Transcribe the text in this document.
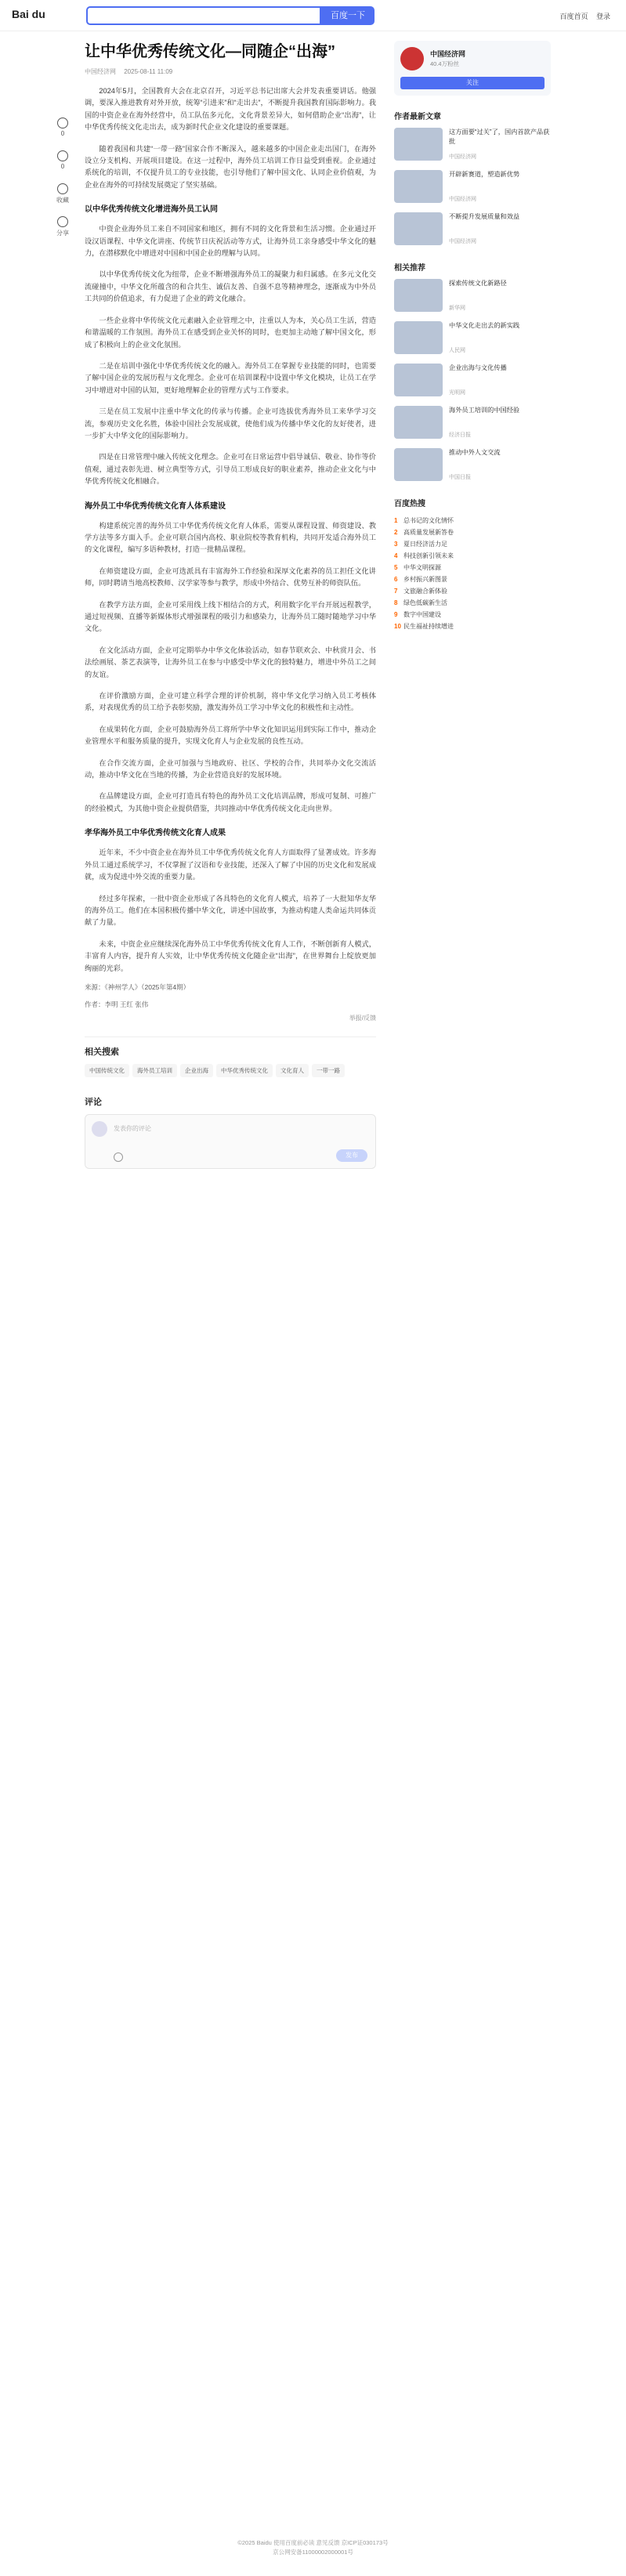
Bai du	百度一下	百度首页 登录
0
0
收藏
分享
让中华优秀传统文化—同随企“出海”
中国经济网 2025-08-11 11:09
2024年5月，全国教育大会在北京召开，习近平总书记出席大会并发表重要讲话。他强调，要深入推进教育对外开放，统筹“引进来”和“走出去”，不断提升我国教育国际影响力。我国的中资企业在海外经营中，员工队伍多元化，文化背景差异大，如何借助企业“出海”，让中华优秀传统文化走出去，成为新时代企业文化建设的重要课题。
随着我国和共建“一带一路”国家合作不断深入，越来越多的中国企业走出国门，在海外设立分支机构、开展项目建设。在这一过程中，海外员工培训工作日益受到重视。企业通过系统化的培训，不仅提升员工的专业技能，也引导他们了解中国文化、认同企业价值观，为企业在海外的可持续发展奠定了坚实基础。
以中华优秀传统文化增进海外员工认同
中资企业海外员工来自不同国家和地区，拥有不同的文化背景和生活习惯。企业通过开设汉语课程、中华文化讲座、传统节日庆祝活动等方式，让海外员工亲身感受中华文化的魅力，在潜移默化中增进对中国和中国企业的理解与认同。
以中华优秀传统文化为纽带，企业不断增强海外员工的凝聚力和归属感。在多元文化交流碰撞中，中华文化所蕴含的和合共生、诚信友善、自强不息等精神理念，逐渐成为中外员工共同的价值追求，有力促进了企业的跨文化融合。
一些企业将中华传统文化元素融入企业管理之中，注重以人为本，关心员工生活，营造和谐温暖的工作氛围。海外员工在感受到企业关怀的同时，也更加主动地了解中国文化，形成了积极向上的企业文化氛围。
二是在培训中强化中华优秀传统文化的融入。海外员工在掌握专业技能的同时，也需要了解中国企业的发展历程与文化理念。企业可在培训课程中设置中华文化模块，让员工在学习中增进对中国的认知，更好地理解企业的管理方式与工作要求。
三是在员工发展中注重中华文化的传承与传播。企业可选拔优秀海外员工来华学习交流，参观历史文化名胜，体验中国社会发展成就，使他们成为传播中华文化的友好使者，进一步扩大中华文化的国际影响力。
四是在日常管理中融入传统文化理念。企业可在日常运营中倡导诚信、敬业、协作等价值观，通过表彰先进、树立典型等方式，引导员工形成良好的职业素养，推动企业文化与中华优秀传统文化相融合。
海外员工中华优秀传统文化育人体系建设
构建系统完善的海外员工中华优秀传统文化育人体系，需要从课程设置、师资建设、教学方法等多方面入手。企业可联合国内高校、职业院校等教育机构，共同开发适合海外员工的文化课程，编写多语种教材，打造一批精品课程。
在师资建设方面，企业可选派具有丰富海外工作经验和深厚文化素养的员工担任文化讲师，同时聘请当地高校教师、汉学家等参与教学，形成中外结合、优势互补的师资队伍。
在教学方法方面，企业可采用线上线下相结合的方式，利用数字化平台开展远程教学，通过短视频、直播等新媒体形式增强课程的吸引力和感染力，让海外员工随时随地学习中华文化。
在文化活动方面，企业可定期举办中华文化体验活动，如春节联欢会、中秋赏月会、书法绘画展、茶艺表演等，让海外员工在参与中感受中华文化的独特魅力，增进中外员工之间的友谊。
在评价激励方面，企业可建立科学合理的评价机制，将中华文化学习纳入员工考核体系，对表现优秀的员工给予表彰奖励，激发海外员工学习中华文化的积极性和主动性。
在成果转化方面，企业可鼓励海外员工将所学中华文化知识运用到实际工作中，推动企业管理水平和服务质量的提升，实现文化育人与企业发展的良性互动。
在合作交流方面，企业可加强与当地政府、社区、学校的合作，共同举办文化交流活动，推动中华文化在当地的传播，为企业营造良好的发展环境。
在品牌建设方面，企业可打造具有特色的海外员工文化培训品牌，形成可复制、可推广的经验模式，为其他中资企业提供借鉴，共同推动中华优秀传统文化走向世界。
孝华海外员工中华优秀传统文化育人成果
近年来，不少中资企业在海外员工中华优秀传统文化育人方面取得了显著成效。许多海外员工通过系统学习，不仅掌握了汉语和专业技能，还深入了解了中国的历史文化和发展成就，成为促进中外交流的重要力量。
经过多年探索，一批中资企业形成了各具特色的文化育人模式，培养了一大批知华友华的海外员工。他们在本国积极传播中华文化，讲述中国故事，为推动构建人类命运共同体贡献了力量。
未来，中资企业应继续深化海外员工中华优秀传统文化育人工作，不断创新育人模式，丰富育人内容，提升育人实效，让中华优秀传统文化随企业“出海”，在世界舞台上绽放更加绚丽的光彩。
来源：《神州学人》（2025年第4期）
作者：李明 王红 张伟
举报/反馈
相关搜索
中国传统文化 海外员工培训 企业出海 中华优秀传统文化 文化育人 一带一路
评论
发表你的评论
发布
中国经济网
40.4万粉丝
关注
作者最新文章
这方面要“过关”了，国内首款产品获批
中国经济网
开辟新赛道，塑造新优势
中国经济网
不断提升发展质量和效益
中国经济网
相关推荐
探索传统文化新路径
新华网
中华文化走出去的新实践
人民网
企业出海与文化传播
光明网
海外员工培训的中国经验
经济日报
推动中外人文交流
中国日报
百度热搜
1 总书记的文化情怀
2 高质量发展新答卷
3 夏日经济活力足
4 科技创新引领未来
5 中华文明探源
6 乡村振兴新图景
7 文旅融合新体验
8 绿色低碳新生活
9 数字中国建设
10 民生福祉持续增进
©2025 Baidu 使用百度前必读 意见反馈 京ICP证030173号
京公网安备11000002000001号
